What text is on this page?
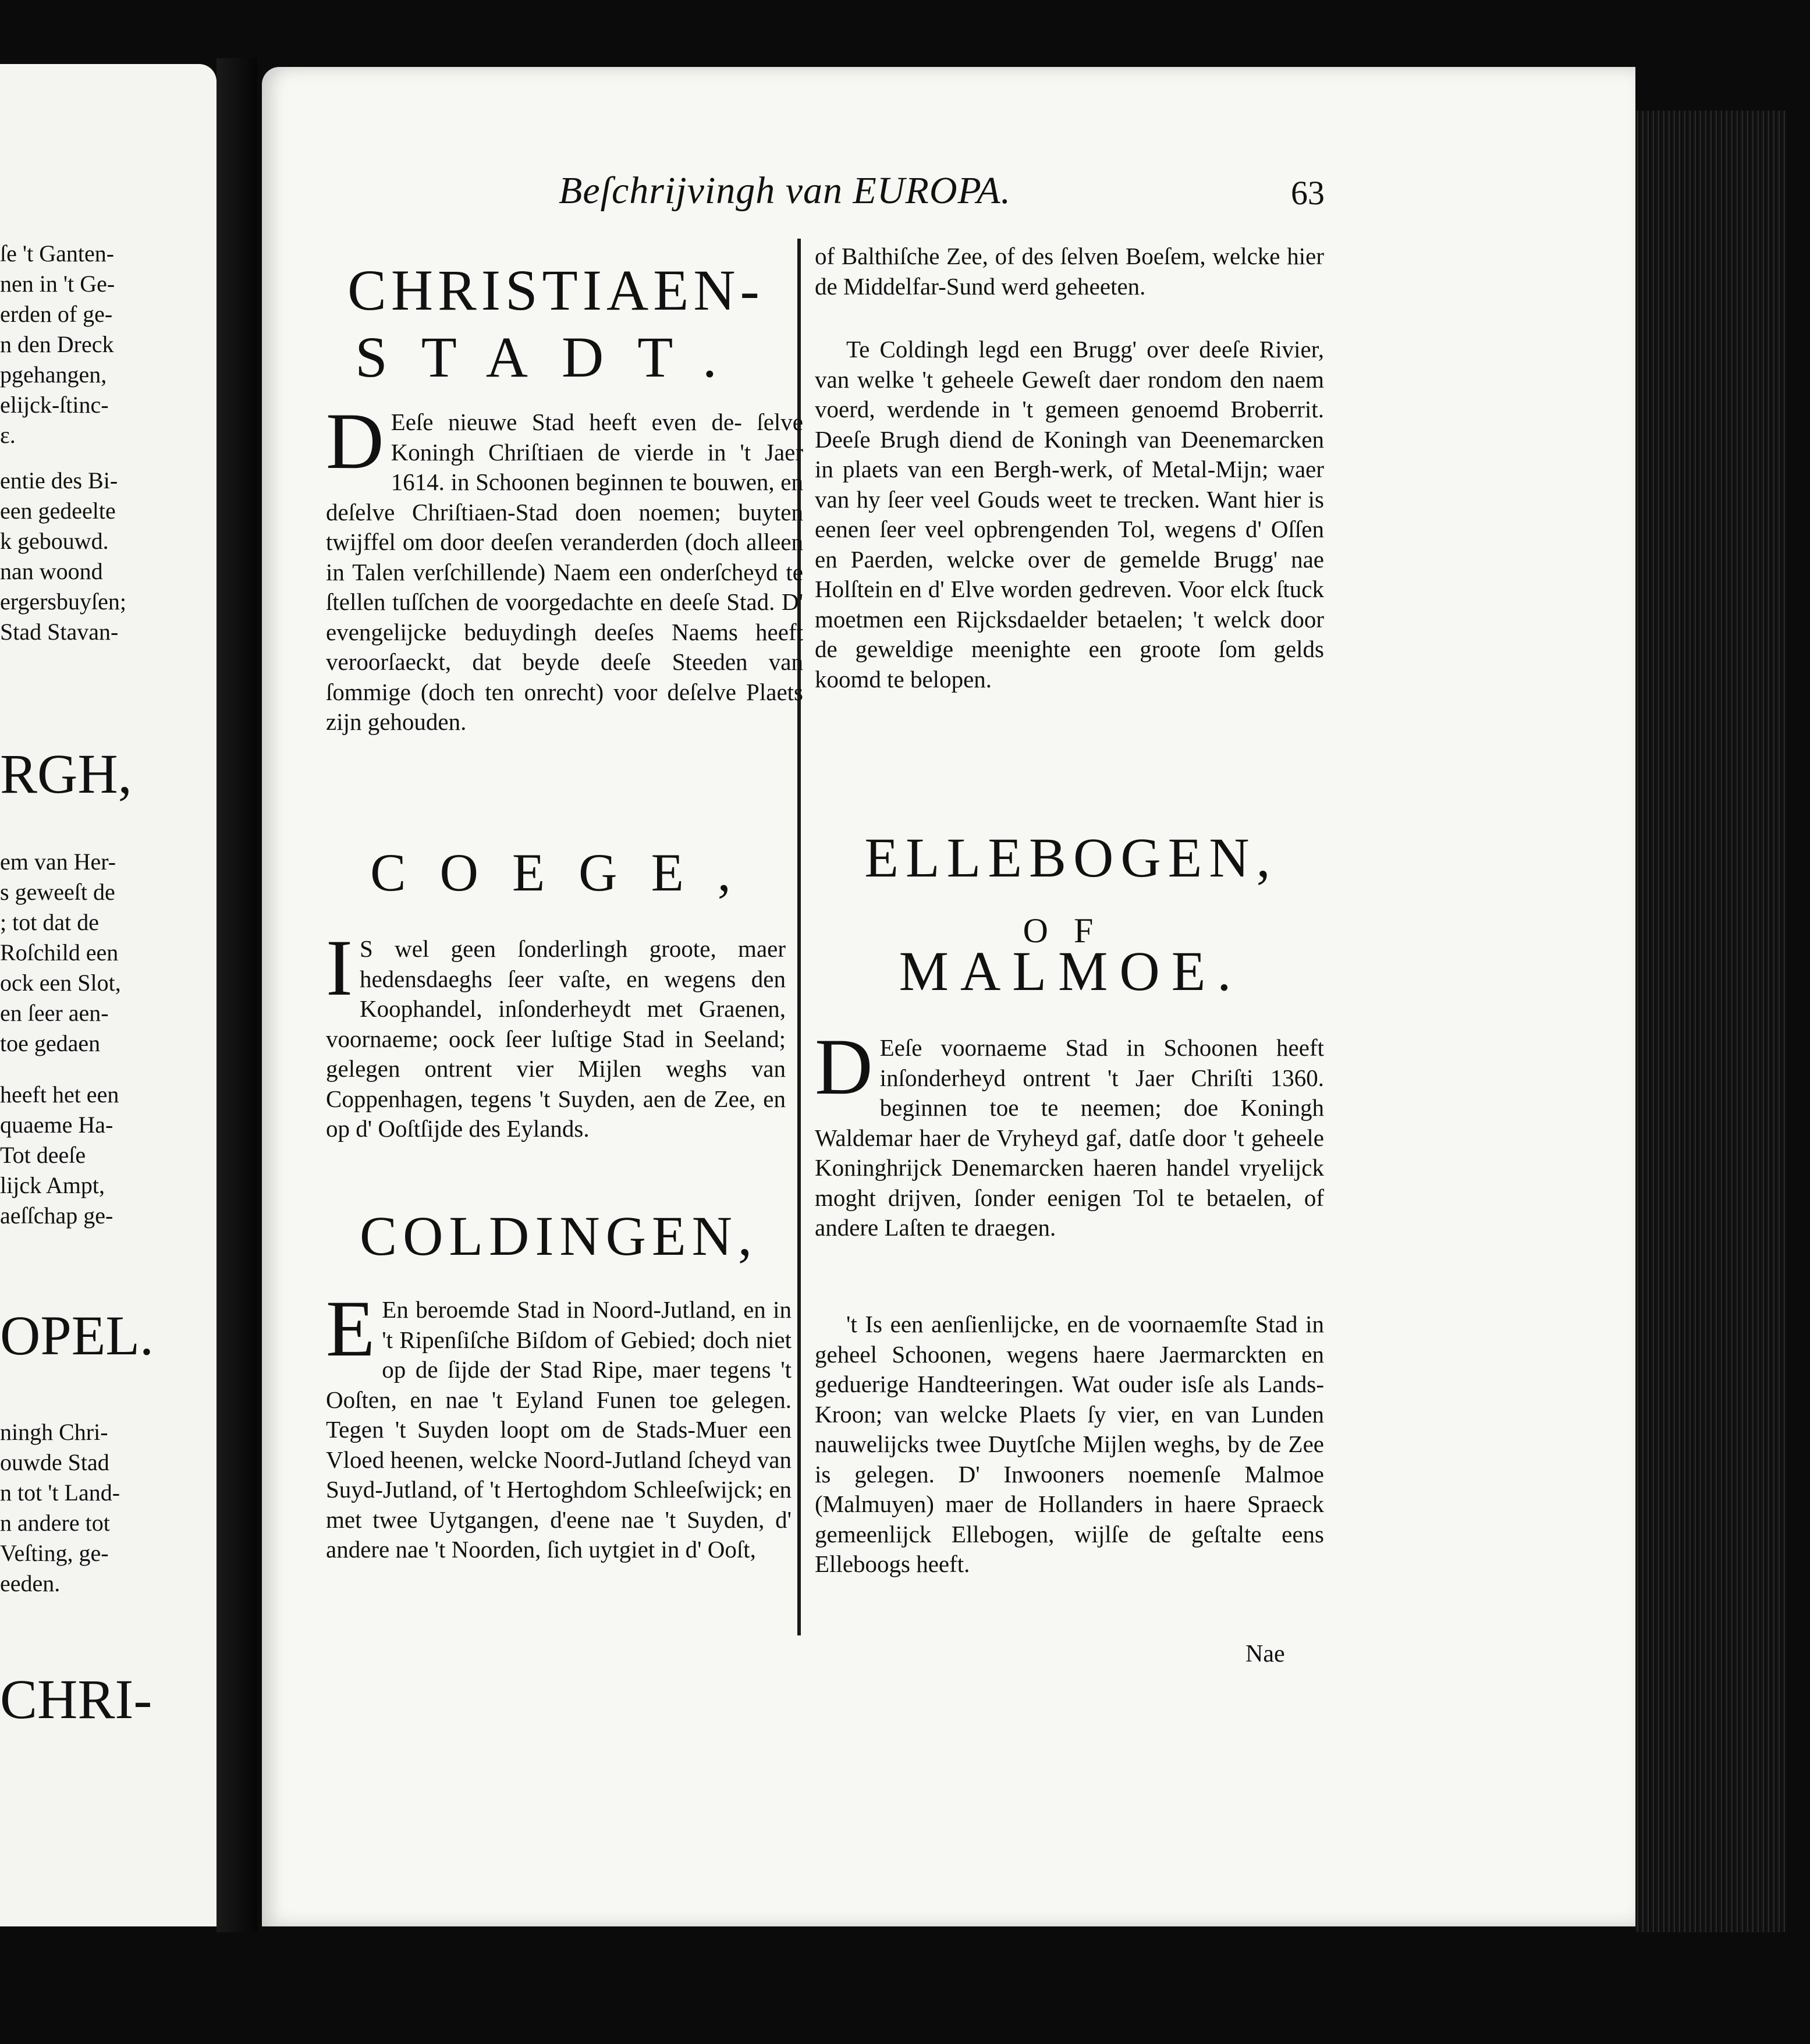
ſe 't Ganten-
nen in 't Ge-
erden of ge-
n den Dreck
pgehangen,
elijck-ſtinc-
ɛ.
entie des Bi-
een gedeelte
k gebouwd.
nan woond
ergersbuyſen;
Stad Stavan-
RGH,
em van Her-
s geweeſt de
; tot dat de
Roſchild een
ock een Slot,
en ſeer aen-
toe gedaen
heeft het een
quaeme Ha-
Tot deeſe
lijck Ampt,
aeſſchap ge-
OPEL.
ningh Chri-
ouwde Stad
n tot 't Land-
n andere tot
Veſting, ge-
eeden.
CHRI-
Beſchrijvingh van EUROPA.	63
CHRISTIAEN-
STADT.
D Eeſe nieuwe Stad heeft even de- ſelve Koningh Chriſtiaen de vierde in 't Jaer 1614. in Schoonen beginnen te bouwen, en deſelve Chriſtiaen-Stad doen noemen; buyten twijffel om door deeſen veranderden (doch alleen in Talen verſchillende) Naem een onderſcheyd te ſtellen tuſſchen de voorgedachte en deeſe Stad. D' evengelijcke beduydingh deeſes Naems heeft veroorſaeckt, dat beyde deeſe Steeden van ſommige (doch ten onrecht) voor deſelve Plaets zijn gehouden.
COEGE,
I S wel geen ſonderlingh groote, maer hedensdaeghs ſeer vaſte, en wegens den Koophandel, inſonderheydt met Graenen, voornaeme; oock ſeer luſtige Stad in Seeland; gelegen ontrent vier Mijlen weghs van Coppenhagen, tegens 't Suyden, aen de Zee, en op d' Ooſtſijde des Eylands.
COLDINGEN,
E En beroemde Stad in Noord-Jutland, en in 't Ripenſiſche Biſdom of Gebied; doch niet op de ſijde der Stad Ripe, maer tegens 't Ooſten, en nae 't Eyland Funen toe gelegen. Tegen 't Suyden loopt om de Stads-Muer een Vloed heenen, welcke Noord-Jutland ſcheyd van Suyd-Jutland, of 't Hertoghdom Schleeſwijck; en met twee Uytgangen, d'eene nae 't Suyden, d' andere nae 't Noorden, ſich uytgiet in d' Ooſt,
of Balthiſche Zee, of des ſelven Boeſem, welcke hier de Middelfar-Sund werd geheeten.

Te Coldingh legd een Brugg' over deeſe Rivier, van welke 't geheele Geweſt daer rondom den naem voerd, werdende in 't gemeen genoemd Broberrit. Deeſe Brugh diend de Koningh van Deenemarcken in plaets van een Bergh-werk, of Metal-Mijn; waer van hy ſeer veel Gouds weet te trecken. Want hier is eenen ſeer veel opbrengenden Tol, wegens d' Oſſen en Paerden, welcke over de gemelde Brugg' nae Holſtein en d' Elve worden gedreven. Voor elck ſtuck moetmen een Rijcksdaelder betaelen; 't welck door de geweldige meenighte een groote ſom gelds koomd te belopen.

ELLEBOGEN,
OF
MALMOE.
D Eeſe voornaeme Stad in Schoonen heeft inſonderheyd ontrent 't Jaer Chriſti 1360. beginnen toe te neemen; doe Koningh Waldemar haer de Vryheyd gaf, datſe door 't geheele Koninghrijck Denemarcken haeren handel vryelijck moght drijven, ſonder eenigen Tol te betaelen, of andere Laſten te draegen.

't Is een aenſienlijcke, en de voornaemſte Stad in geheel Schoonen, wegens haere Jaermarckten en geduerige Handteeringen. Wat ouder isſe als Lands-Kroon; van welcke Plaets ſy vier, en van Lunden nauwelijcks twee Duytſche Mijlen weghs, by de Zee is gelegen. D' Inwooners noemenſe Malmoe (Malmuyen) maer de Hollanders in haere Spraeck gemeenlijck Ellebogen, wijlſe de geſtalte eens Elleboogs heeft.

Nae
